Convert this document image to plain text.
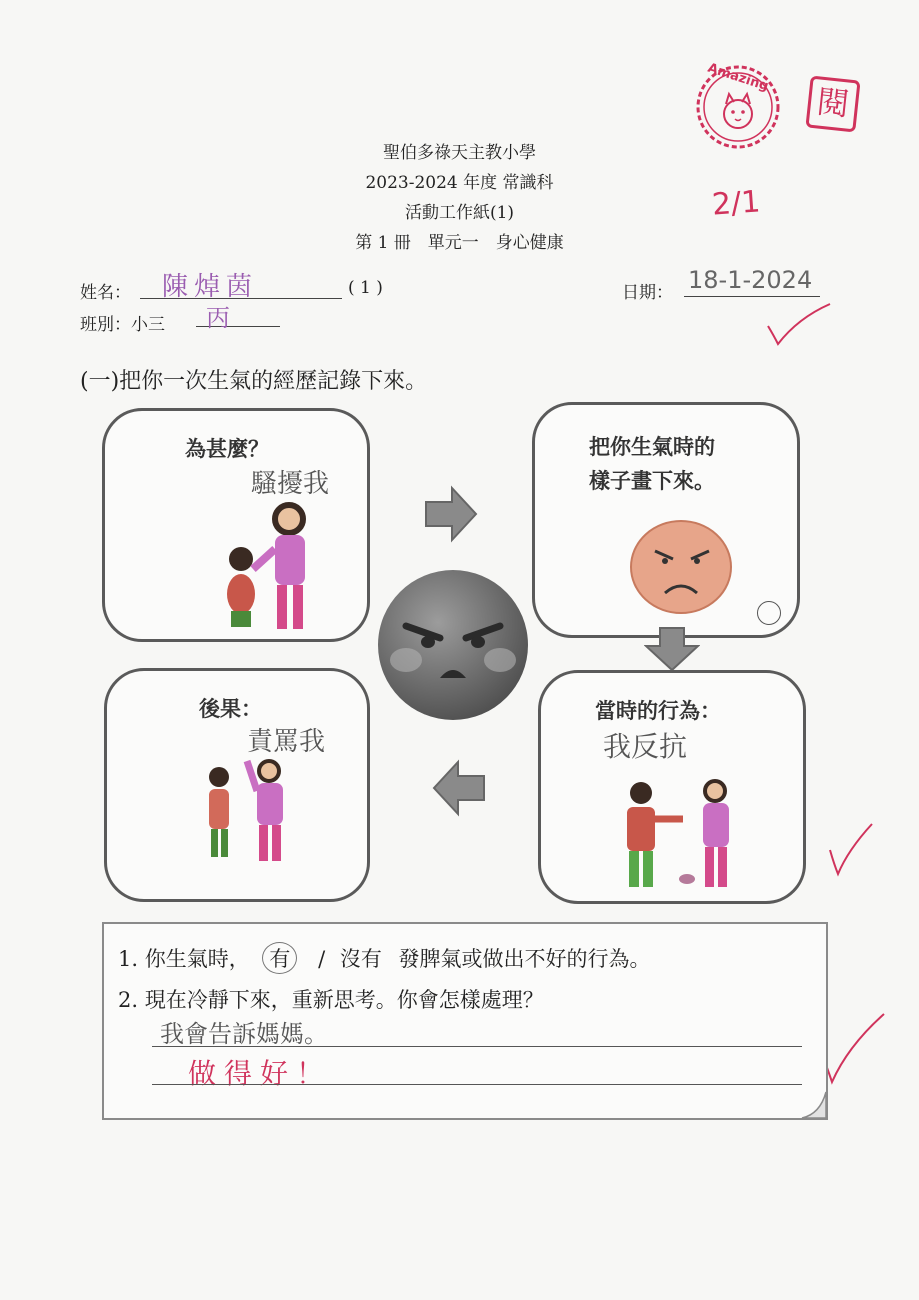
聖伯多祿天主教小學
2023-2024 年度 常識科
活動工作紙(1)
第 1 冊　單元一　身心健康
Amazing
閱
2/1
姓名： 陳焯茵	( 1 )	日期： 18-1-2024
班別：小三 丙
(一)把你一次生氣的經歷記錄下來。
為甚麼？
騷擾我
把你生氣時的
樣子畫下來。
後果：
責罵我
當時的行為：
我反抗
1. 你生氣時， 有 / 沒有 發脾氣或做出不好的行為。
2. 現在冷靜下來，重新思考。你會怎樣處理？
我會告訴媽媽。
做得好！
